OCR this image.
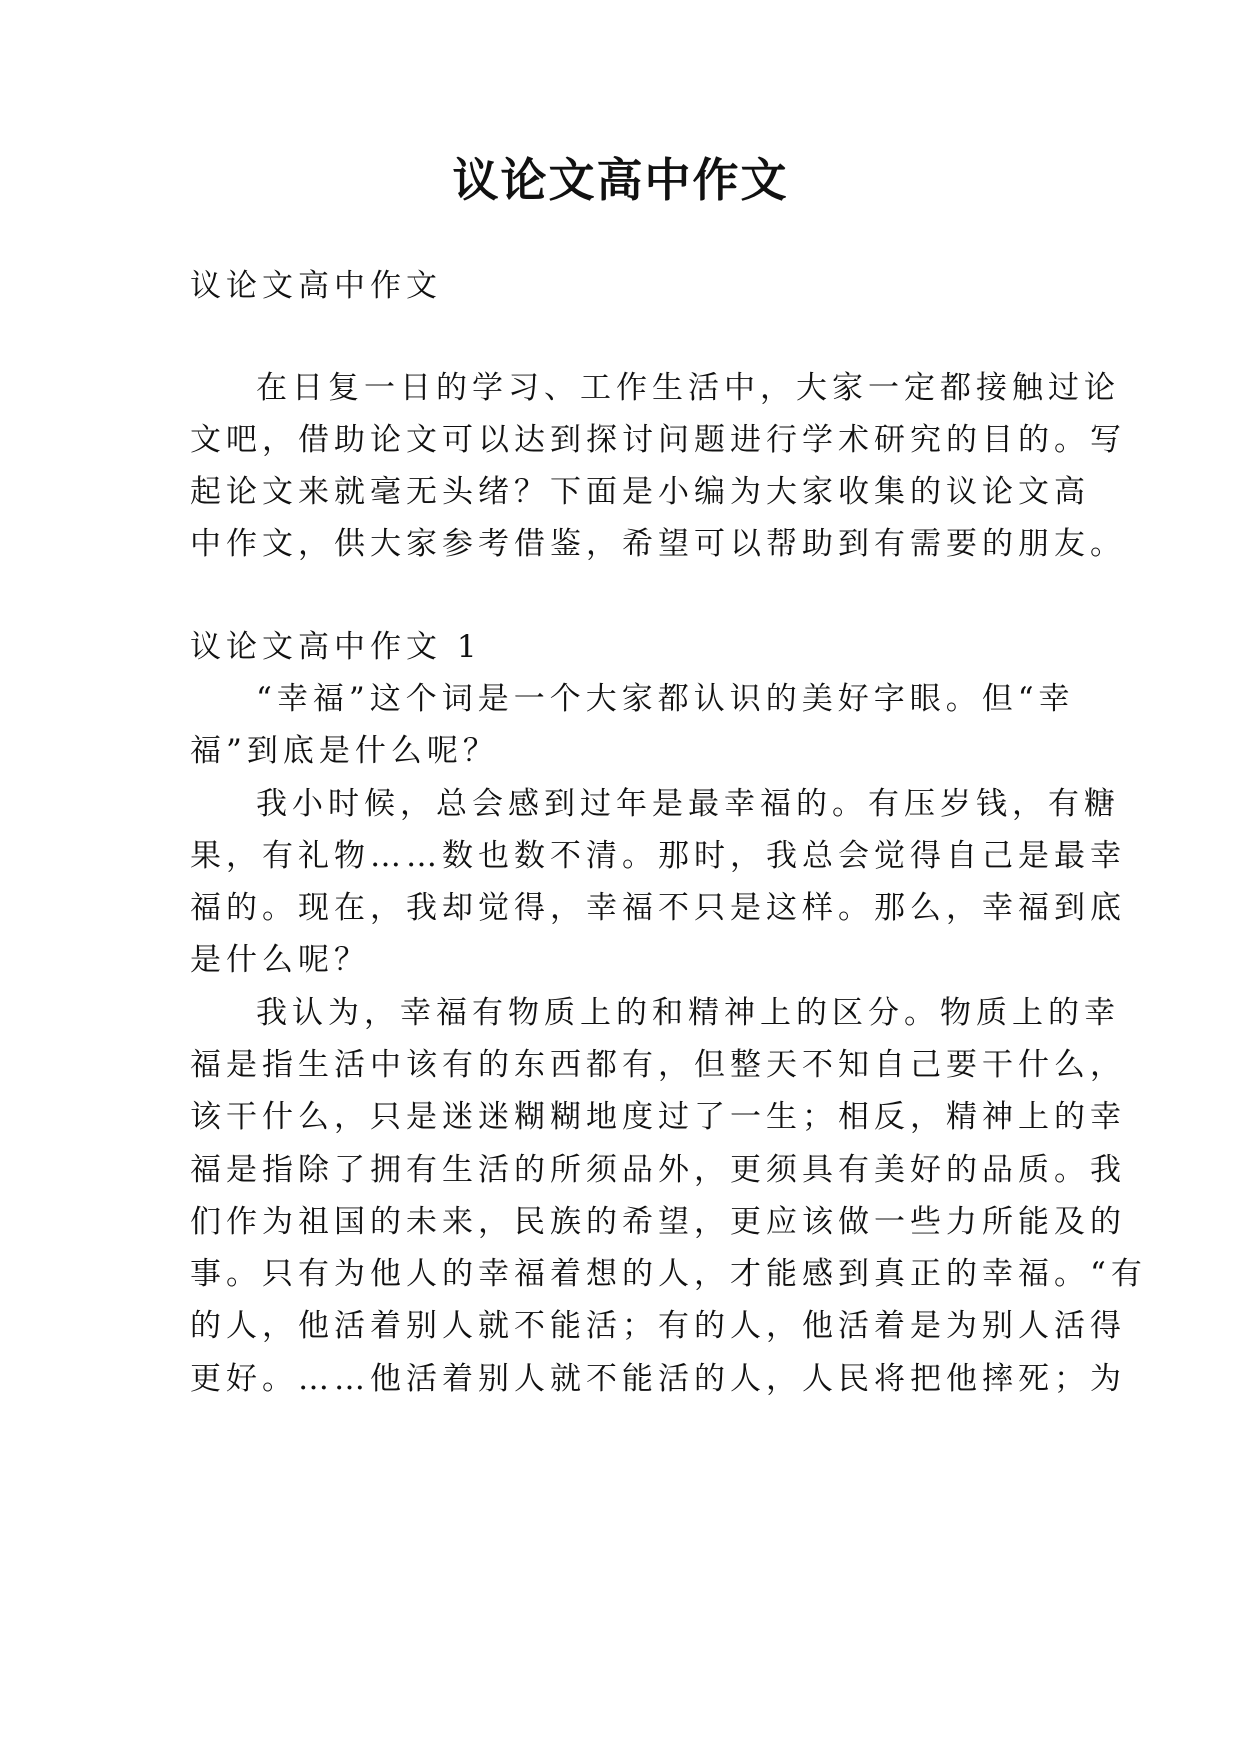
议论文高中作文
议论文高中作文
在日复一日的学习、工作生活中，大家一定都接触过论
文吧，借助论文可以达到探讨问题进行学术研究的目的。写
起论文来就毫无头绪？下面是小编为大家收集的议论文高
中作文，供大家参考借鉴，希望可以帮助到有需要的朋友。
议论文高中作文 1
“幸福”这个词是一个大家都认识的美好字眼。但“幸
福”到底是什么呢？
我小时候，总会感到过年是最幸福的。有压岁钱，有糖
果，有礼物……数也数不清。那时，我总会觉得自己是最幸
福的。现在，我却觉得，幸福不只是这样。那么，幸福到底
是什么呢？
我认为，幸福有物质上的和精神上的区分。物质上的幸
福是指生活中该有的东西都有，但整天不知自己要干什么，
该干什么，只是迷迷糊糊地度过了一生；相反，精神上的幸
福是指除了拥有生活的所须品外，更须具有美好的品质。我
们作为祖国的未来，民族的希望，更应该做一些力所能及的
事。只有为他人的幸福着想的人，才能感到真正的幸福。“有
的人，他活着别人就不能活；有的人，他活着是为别人活得
更好。……他活着别人就不能活的人，人民将把他摔死；为
